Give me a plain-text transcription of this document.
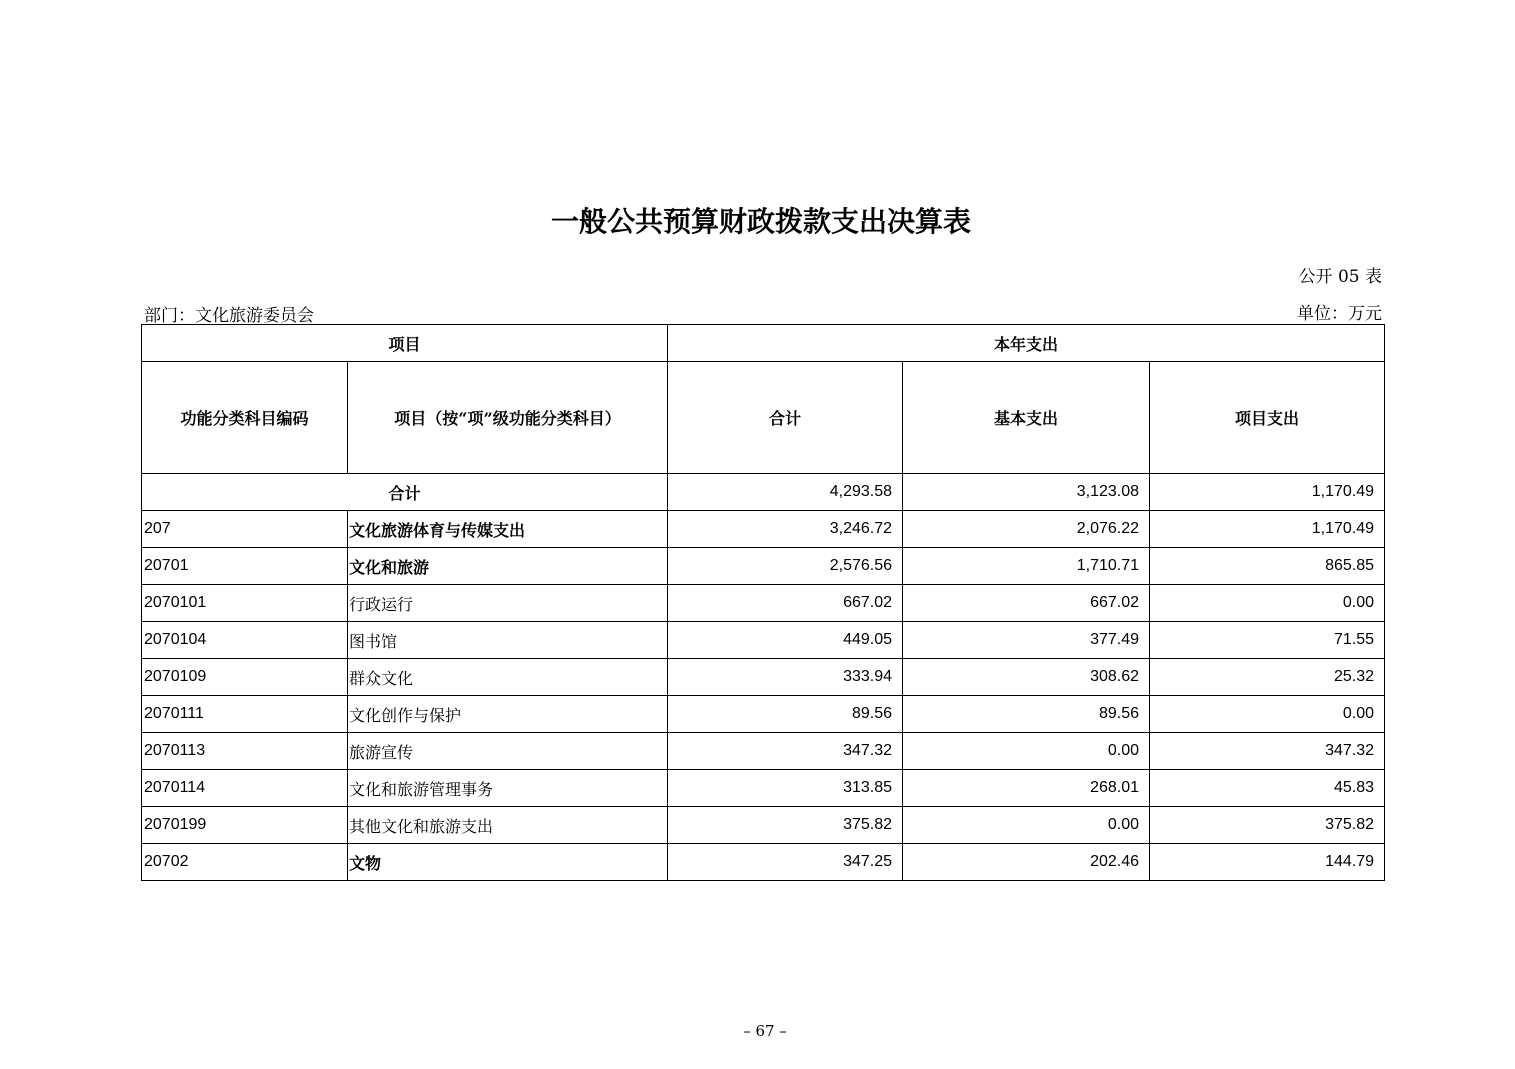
一般公共预算财政拨款支出决算表
公开 05 表
部门：文化旅游委员会	单位：万元
项目		本年支出		
功能分类科目编码	项目（按“项”级功能分类科目）	合计	基本支出	项目支出
合计		4,293.58	3,123.08	1,170.49
207	文化旅游体育与传媒支出	3,246.72	2,076.22	1,170.49
20701	文化和旅游	2,576.56	1,710.71	865.85
2070101	行政运行	667.02	667.02	0.00
2070104	图书馆	449.05	377.49	71.55
2070109	群众文化	333.94	308.62	25.32
2070111	文化创作与保护	89.56	89.56	0.00
2070113	旅游宣传	347.32	0.00	347.32
2070114	文化和旅游管理事务	313.85	268.01	45.83
2070199	其他文化和旅游支出	375.82	0.00	375.82
20702	文物	347.25	202.46	144.79
– 67 –
